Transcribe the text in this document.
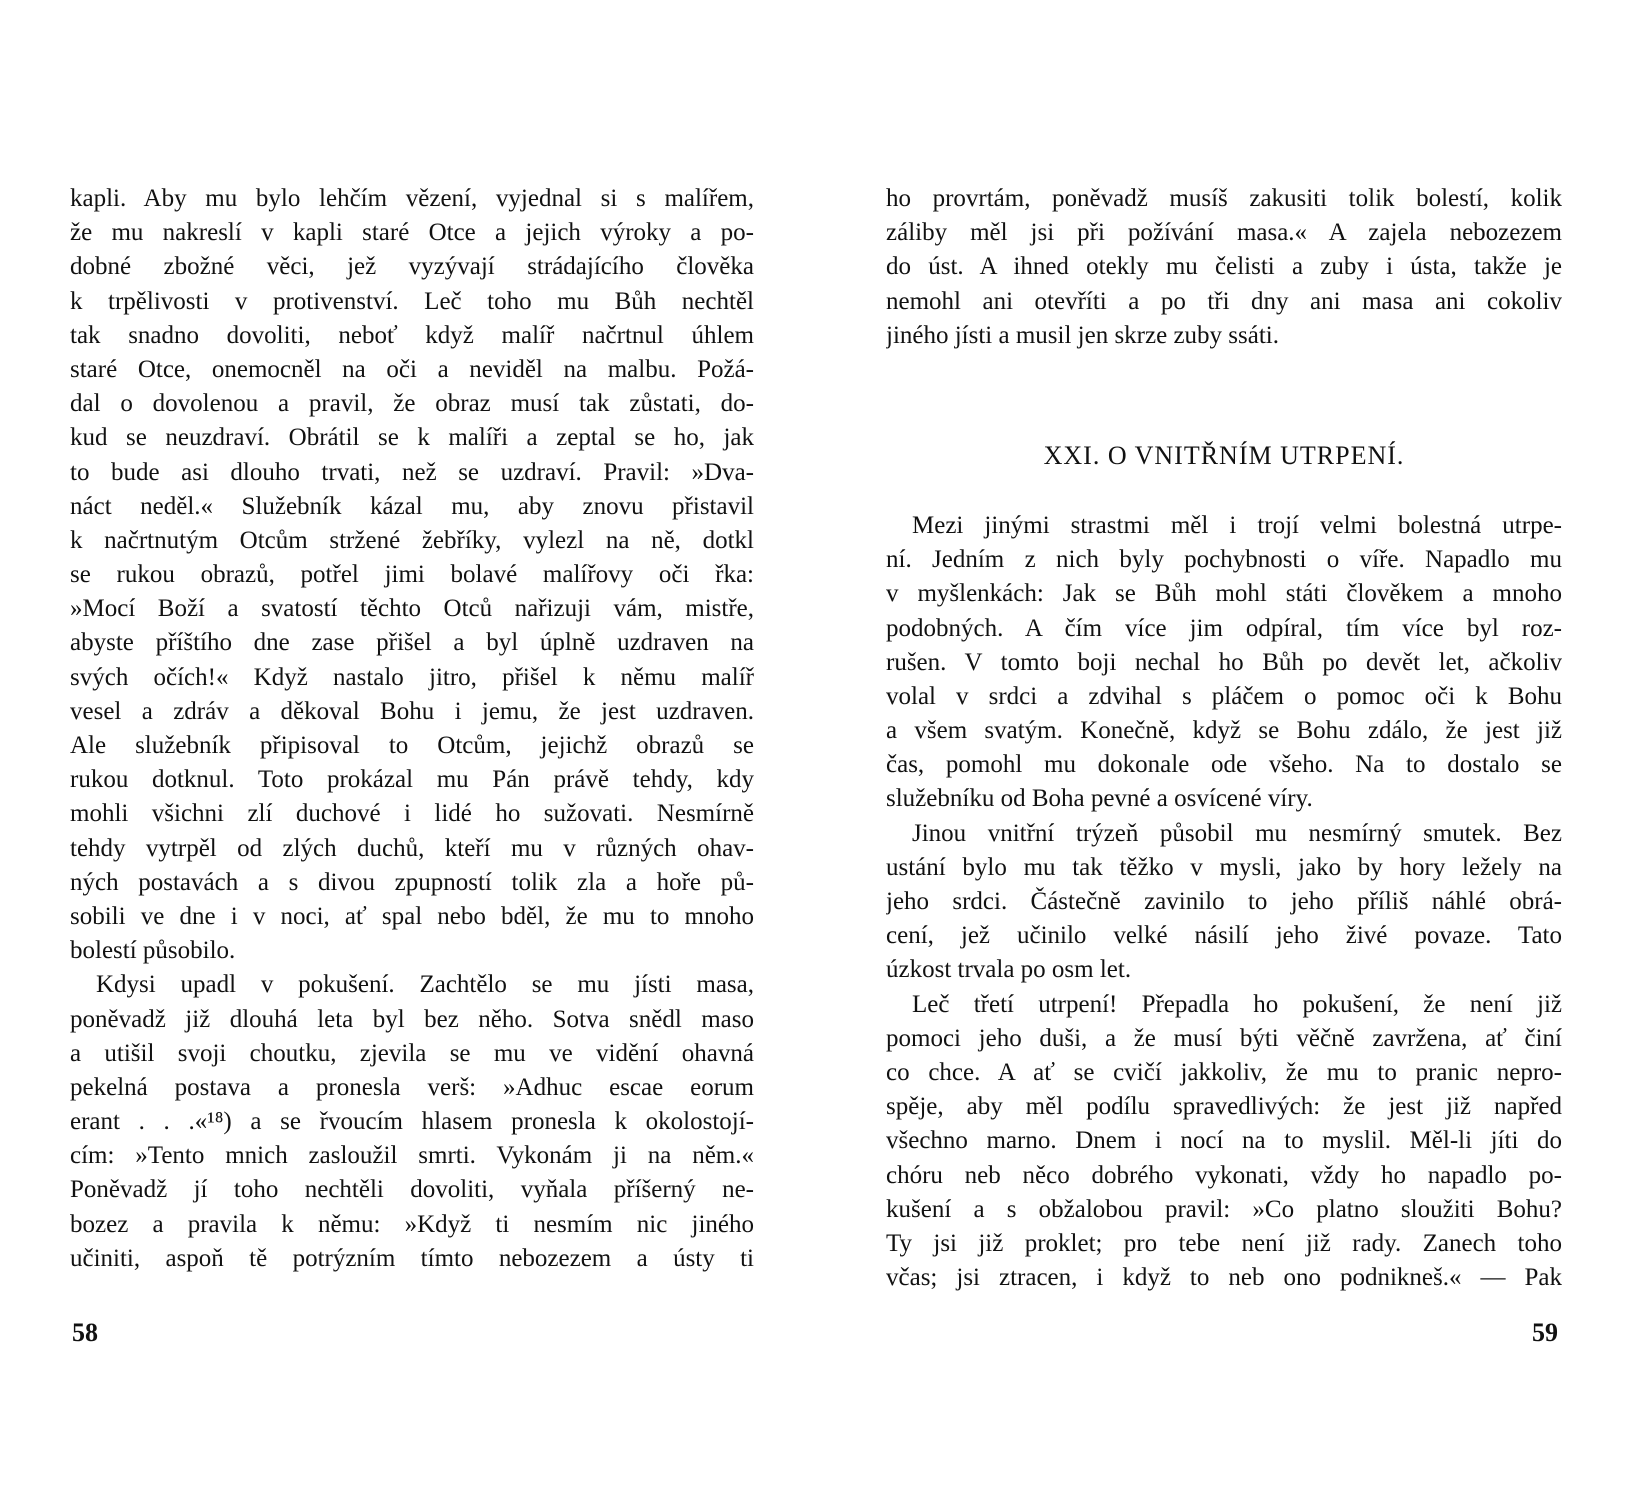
kapli. Aby mu bylo lehčím vězení, vyjednal si s malířem,
že mu nakreslí v kapli staré Otce a jejich výroky a po-
dobné zbožné věci, jež vyzývají strádajícího člověka
k trpělivosti v protivenství. Leč toho mu Bůh nechtěl
tak snadno dovoliti, neboť když malíř načrtnul úhlem
staré Otce, onemocněl na oči a neviděl na malbu. Požá-
dal o dovolenou a pravil, že obraz musí tak zůstati, do-
kud se neuzdraví. Obrátil se k malíři a zeptal se ho, jak
to bude asi dlouho trvati, než se uzdraví. Pravil: »Dva-
náct neděl.« Služebník kázal mu, aby znovu přistavil
k načrtnutým Otcům stržené žebříky, vylezl na ně, dotkl
se rukou obrazů, potřel jimi bolavé malířovy oči řka:
»Mocí Boží a svatostí těchto Otců nařizuji vám, mistře,
abyste příštího dne zase přišel a byl úplně uzdraven na
svých očích!« Když nastalo jitro, přišel k němu malíř
vesel a zdráv a děkoval Bohu i jemu, že jest uzdraven.
Ale služebník připisoval to Otcům, jejichž obrazů se
rukou dotknul. Toto prokázal mu Pán právě tehdy, kdy
mohli všichni zlí duchové i lidé ho sužovati. Nesmírně
tehdy vytrpěl od zlých duchů, kteří mu v různých ohav-
ných postavách a s divou zpupností tolik zla a hoře pů-
sobili ve dne i v noci, ať spal nebo bděl, že mu to mnoho
bolestí působilo.
Kdysi upadl v pokušení. Zachtělo se mu jísti masa,
poněvadž již dlouhá leta byl bez něho. Sotva snědl maso
a utišil svoji choutku, zjevila se mu ve vidění ohavná
pekelná postava a pronesla verš: »Adhuc escae eorum
erant . . .«¹⁸) a se řvoucím hlasem pronesla k okolostojí-
cím: »Tento mnich zasloužil smrti. Vykonám ji na něm.«
Poněvadž jí toho nechtěli dovoliti, vyňala příšerný ne-
bozez a pravila k němu: »Když ti nesmím nic jiného
učiniti, aspoň tě potrýzním tímto nebozezem a ústy ti
58
ho provrtám, poněvadž musíš zakusiti tolik bolestí, kolik
záliby měl jsi při požívání masa.« A zajela nebozezem
do úst. A ihned otekly mu čelisti a zuby i ústa, takže je
nemohl ani otevříti a po tři dny ani masa ani cokoliv
jiného jísti a musil jen skrze zuby ssáti.
XXI. O VNITŘNÍM UTRPENÍ.
Mezi jinými strastmi měl i trojí velmi bolestná utrpe-
ní. Jedním z nich byly pochybnosti o víře. Napadlo mu
v myšlenkách: Jak se Bůh mohl státi člověkem a mnoho
podobných. A čím více jim odpíral, tím více byl roz-
rušen. V tomto boji nechal ho Bůh po devět let, ačkoliv
volal v srdci a zdvihal s pláčem o pomoc oči k Bohu
a všem svatým. Konečně, když se Bohu zdálo, že jest již
čas, pomohl mu dokonale ode všeho. Na to dostalo se
služebníku od Boha pevné a osvícené víry.
Jinou vnitřní trýzeň působil mu nesmírný smutek. Bez
ustání bylo mu tak těžko v mysli, jako by hory ležely na
jeho srdci. Částečně zavinilo to jeho příliš náhlé obrá-
cení, jež učinilo velké násilí jeho živé povaze. Tato
úzkost trvala po osm let.
Leč třetí utrpení! Přepadla ho pokušení, že není již
pomoci jeho duši, a že musí býti věčně zavržena, ať činí
co chce. A ať se cvičí jakkoliv, že mu to pranic nepro-
spěje, aby měl podílu spravedlivých: že jest již napřed
všechno marno. Dnem i nocí na to myslil. Měl-li jíti do
chóru neb něco dobrého vykonati, vždy ho napadlo po-
kušení a s obžalobou pravil: »Co platno sloužiti Bohu?
Ty jsi již proklet; pro tebe není již rady. Zanech toho
včas; jsi ztracen, i když to neb ono podnikneš.« — Pak
59
